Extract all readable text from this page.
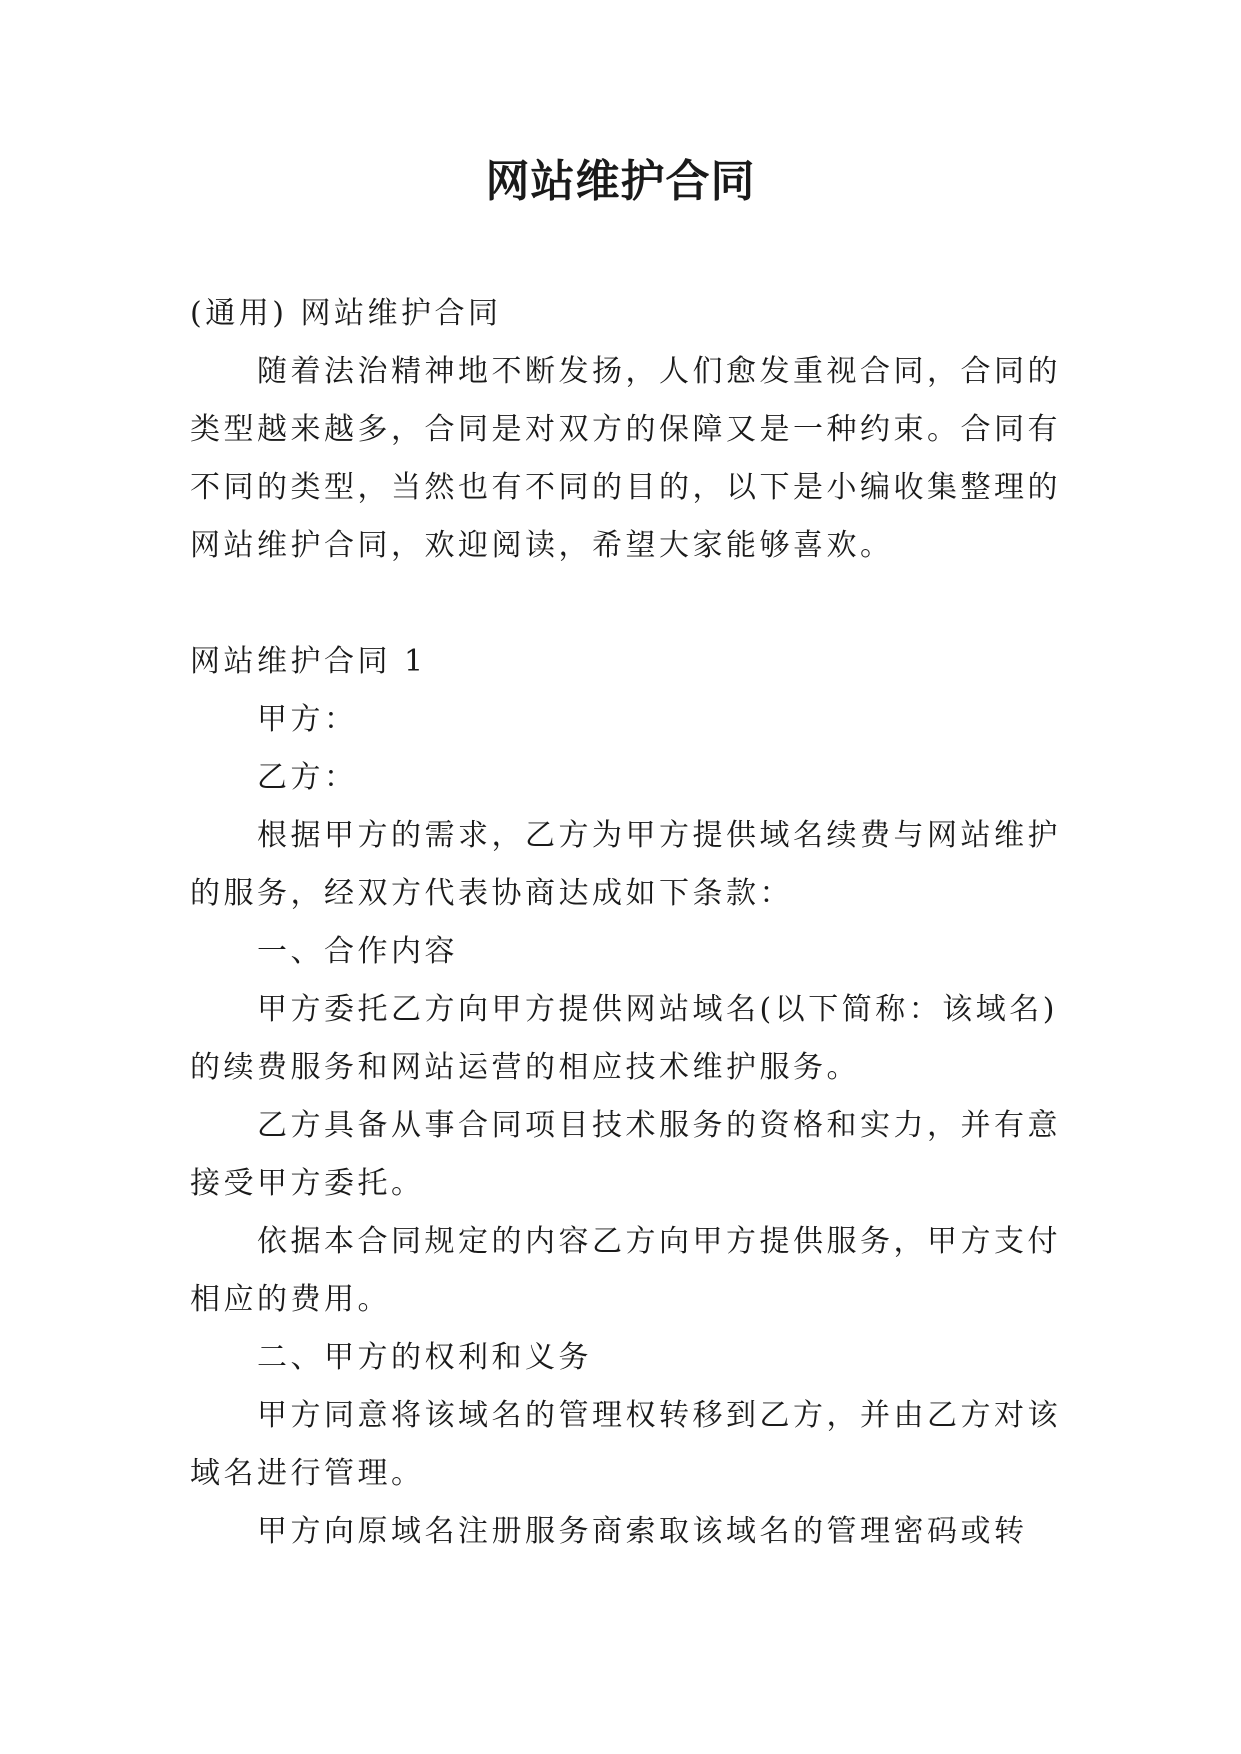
网站维护合同

(通用) 网站维护合同

随着法治精神地不断发扬，人们愈发重视合同，合同的

类型越来越多，合同是对双方的保障又是一种约束。合同有

不同的类型，当然也有不同的目的，以下是小编收集整理的

网站维护合同，欢迎阅读，希望大家能够喜欢。

网站维护合同 1

甲方：

乙方：

根据甲方的需求，乙方为甲方提供域名续费与网站维护

的服务，经双方代表协商达成如下条款：

一、合作内容

甲方委托乙方向甲方提供网站域名(以下简称：该域名)

的续费服务和网站运营的相应技术维护服务。

乙方具备从事合同项目技术服务的资格和实力，并有意

接受甲方委托。

依据本合同规定的内容乙方向甲方提供服务，甲方支付

相应的费用。

二、甲方的权利和义务

甲方同意将该域名的管理权转移到乙方，并由乙方对该

域名进行管理。

甲方向原域名注册服务商索取该域名的管理密码或转
